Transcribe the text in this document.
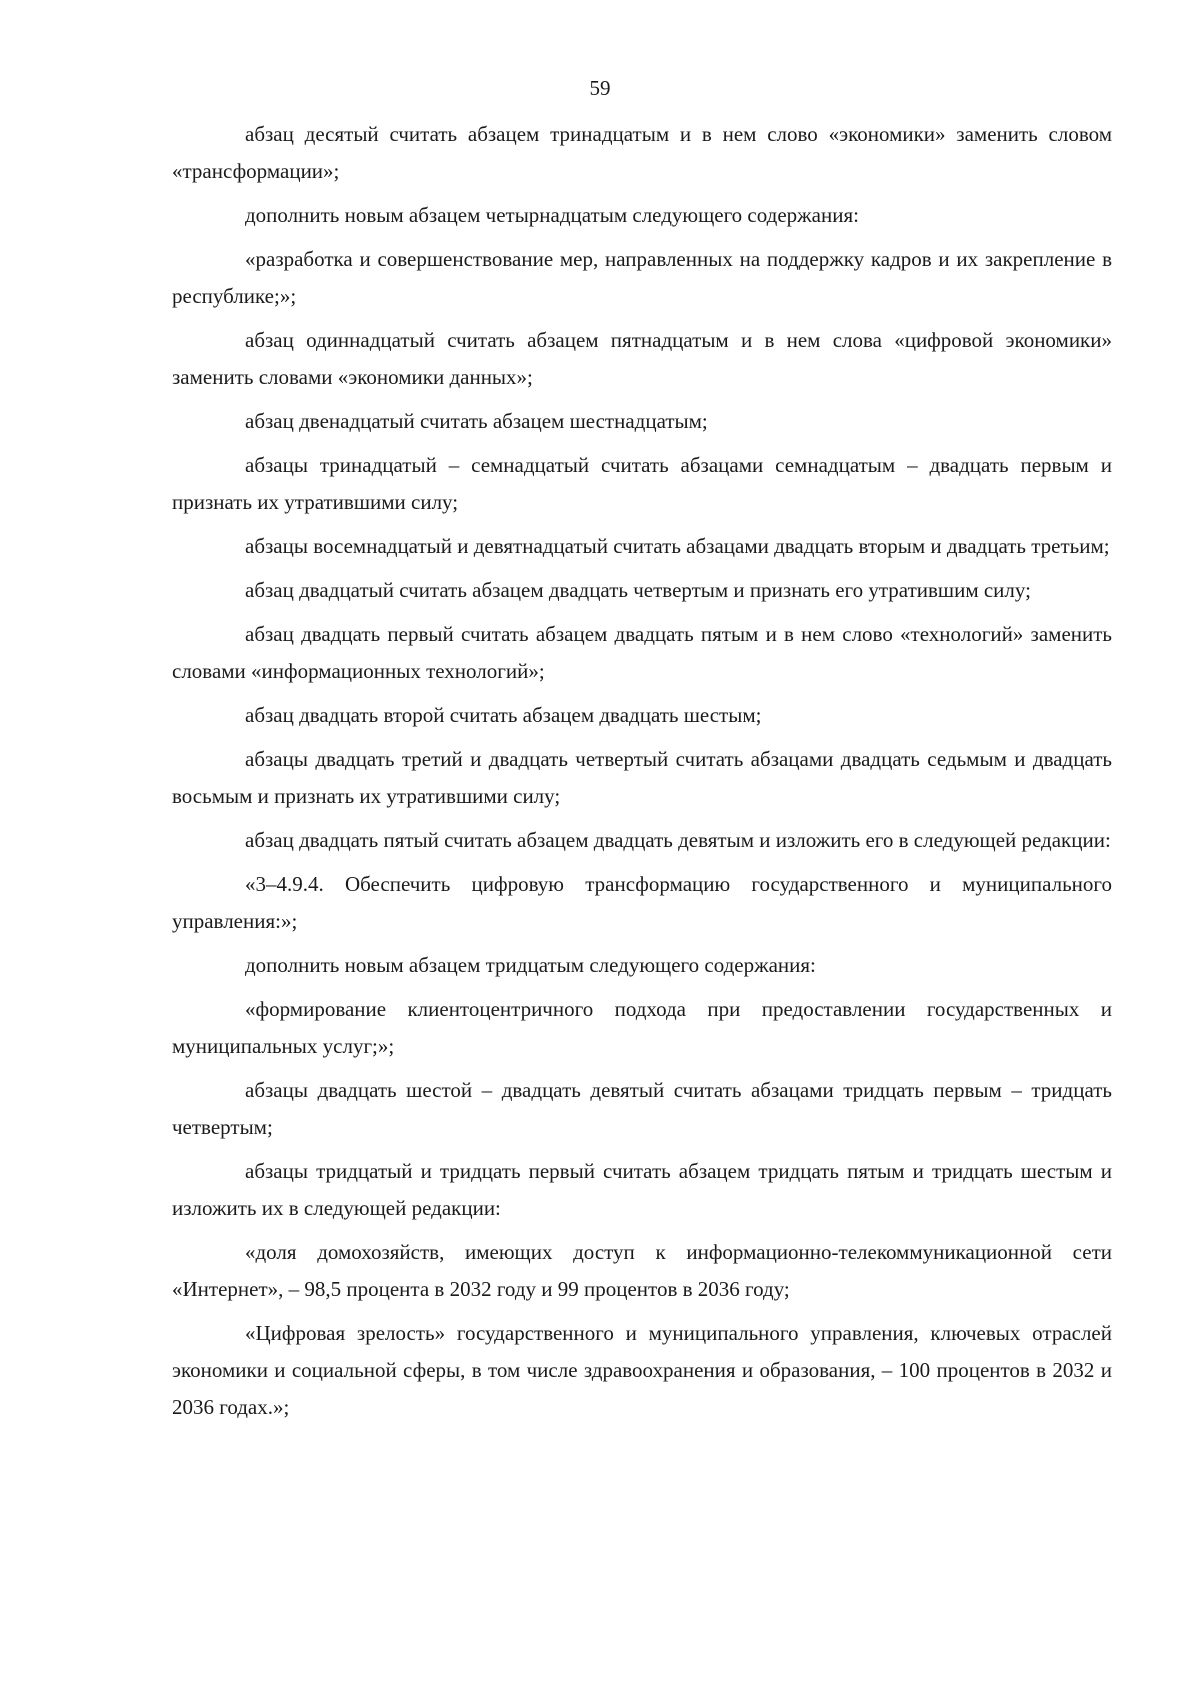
59

абзац десятый считать абзацем тринадцатым и в нем слово «экономики» заменить словом «трансформации»;

дополнить новым абзацем четырнадцатым следующего содержания:

«разработка и совершенствование мер, направленных на поддержку кадров и их закрепление в республике;»;

абзац одиннадцатый считать абзацем пятнадцатым и в нем слова «цифровой экономики» заменить словами «экономики данных»;

абзац двенадцатый считать абзацем шестнадцатым;

абзацы тринадцатый – семнадцатый считать абзацами семнадцатым – двадцать первым и признать их утратившими силу;

абзацы восемнадцатый и девятнадцатый считать абзацами двадцать вторым и двадцать третьим;

абзац двадцатый считать абзацем двадцать четвертым и признать его утратившим силу;

абзац двадцать первый считать абзацем двадцать пятым и в нем слово «технологий» заменить словами «информационных технологий»;

абзац двадцать второй считать абзацем двадцать шестым;

абзацы двадцать третий и двадцать четвертый считать абзацами двадцать седьмым и двадцать восьмым и признать их утратившими силу;

абзац двадцать пятый считать абзацем двадцать девятым и изложить его в следующей редакции:

«3–4.9.4. Обеспечить цифровую трансформацию государственного и муниципального управления:»;

дополнить новым абзацем тридцатым следующего содержания:

«формирование клиентоцентричного подхода при предоставлении государственных и муниципальных услуг;»;

абзацы двадцать шестой – двадцать девятый считать абзацами тридцать первым – тридцать четвертым;

абзацы тридцатый и тридцать первый считать абзацем тридцать пятым и тридцать шестым и изложить их в следующей редакции:

«доля домохозяйств, имеющих доступ к информационно-телекоммуникационной сети «Интернет», – 98,5 процента в 2032 году и 99 процентов в 2036 году;

«Цифровая зрелость» государственного и муниципального управления, ключевых отраслей экономики и социальной сферы, в том числе здравоохранения и образования, – 100 процентов в 2032 и 2036 годах.»;
